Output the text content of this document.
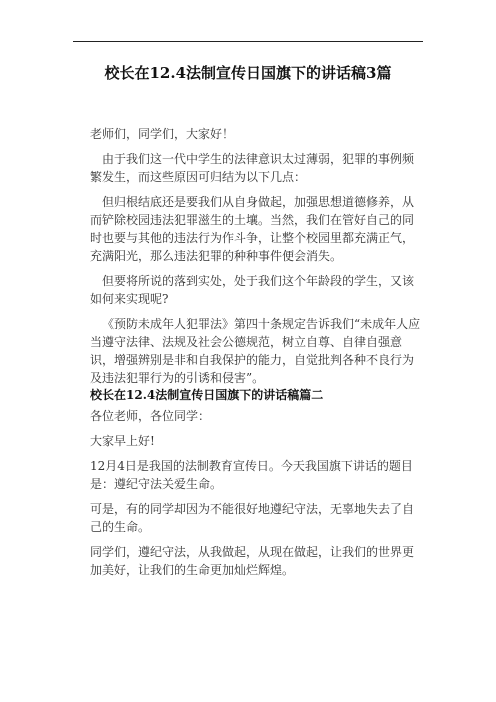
校长在12.4法制宣传日国旗下的讲话稿3篇

老师们，同学们，大家好！

由于我们这一代中学生的法律意识太过薄弱，犯罪的事例频繁发生，而这些原因可归结为以下几点：

但归根结底还是要我们从自身做起，加强思想道德修养，从而铲除校园违法犯罪滋生的土壤。当然，我们在管好自己的同时也要与其他的违法行为作斗争，让整个校园里都充满正气，充满阳光，那么违法犯罪的种种事件便会消失。

但要将所说的落到实处，处于我们这个年龄段的学生，又该如何来实现呢?

《预防未成年人犯罪法》第四十条规定告诉我们“未成年人应当遵守法律、法规及社会公德规范，树立自尊、自律自强意识，增强辨别是非和自我保护的能力，自觉批判各种不良行为及违法犯罪行为的引诱和侵害”。

校长在12.4法制宣传日国旗下的讲话稿篇二

各位老师，各位同学：

大家早上好!

12月4日是我国的法制教育宣传日。今天我国旗下讲话的题目是：遵纪守法关爱生命。

可是，有的同学却因为不能很好地遵纪守法，无辜地失去了自己的生命。

同学们，遵纪守法，从我做起，从现在做起，让我们的世界更加美好，让我们的生命更加灿烂辉煌。
